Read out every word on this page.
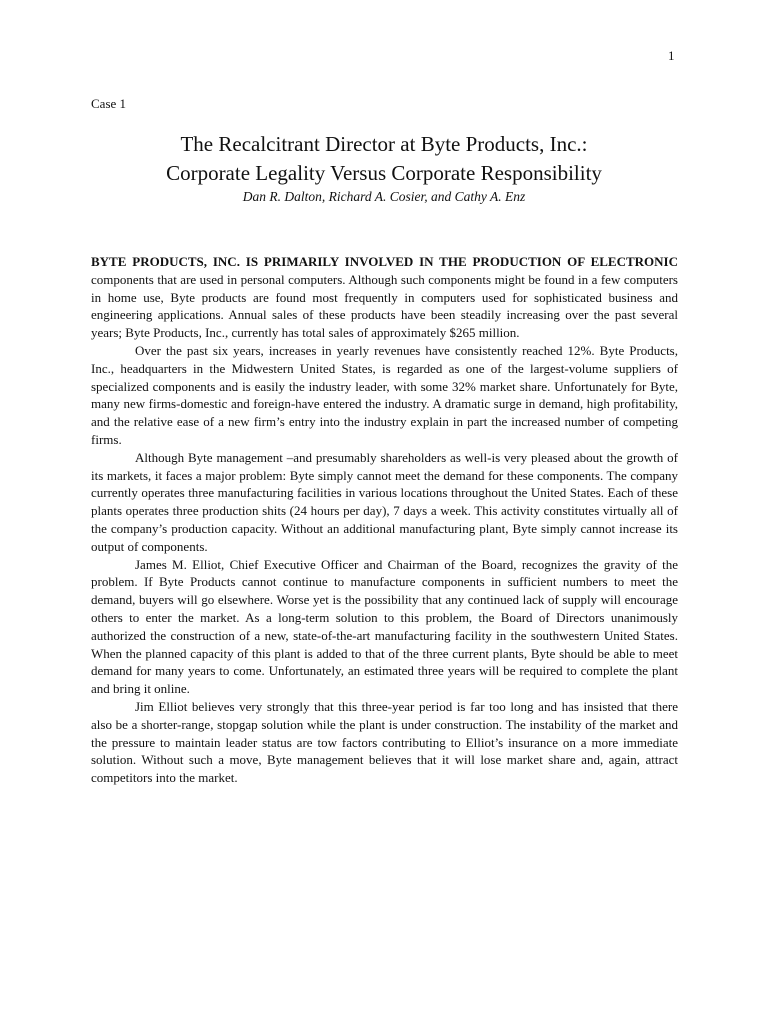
1
Case 1
The Recalcitrant Director at Byte Products, Inc.:
Corporate Legality Versus Corporate Responsibility
Dan R. Dalton, Richard A. Cosier, and Cathy A. Enz

BYTE PRODUCTS, INC. IS PRIMARILY INVOLVED IN THE PRODUCTION OF ELECTRONIC components that are used in personal computers. Although such components might be found in a few computers in home use, Byte products are found most frequently in computers used for sophisticated business and engineering applications. Annual sales of these products have been steadily increasing over the past several years; Byte Products, Inc., currently has total sales of approximately $265 million.

Over the past six years, increases in yearly revenues have consistently reached 12%. Byte Products, Inc., headquarters in the Midwestern United States, is regarded as one of the largest-volume suppliers of specialized components and is easily the industry leader, with some 32% market share. Unfortunately for Byte, many new firms-domestic and foreign-have entered the industry. A dramatic surge in demand, high profitability, and the relative ease of a new firm’s entry into the industry explain in part the increased number of competing firms.

Although Byte management –and presumably shareholders as well-is very pleased about the growth of its markets, it faces a major problem: Byte simply cannot meet the demand for these components. The company currently operates three manufacturing facilities in various locations throughout the United States. Each of these plants operates three production shits (24 hours per day), 7 days a week. This activity constitutes virtually all of the company’s production capacity. Without an additional manufacturing plant, Byte simply cannot increase its output of components.

James M. Elliot, Chief Executive Officer and Chairman of the Board, recognizes the gravity of the problem. If Byte Products cannot continue to manufacture components in sufficient numbers to meet the demand, buyers will go elsewhere. Worse yet is the possibility that any continued lack of supply will encourage others to enter the market. As a long-term solution to this problem, the Board of Directors unanimously authorized the construction of a new, state-of-the-art manufacturing facility in the southwestern United States. When the planned capacity of this plant is added to that of the three current plants, Byte should be able to meet demand for many years to come. Unfortunately, an estimated three years will be required to complete the plant and bring it online.

Jim Elliot believes very strongly that this three-year period is far too long and has insisted that there also be a shorter-range, stopgap solution while the plant is under construction. The instability of the market and the pressure to maintain leader status are tow factors contributing to Elliot’s insurance on a more immediate solution. Without such a move, Byte management believes that it will lose market share and, again, attract competitors into the market.
